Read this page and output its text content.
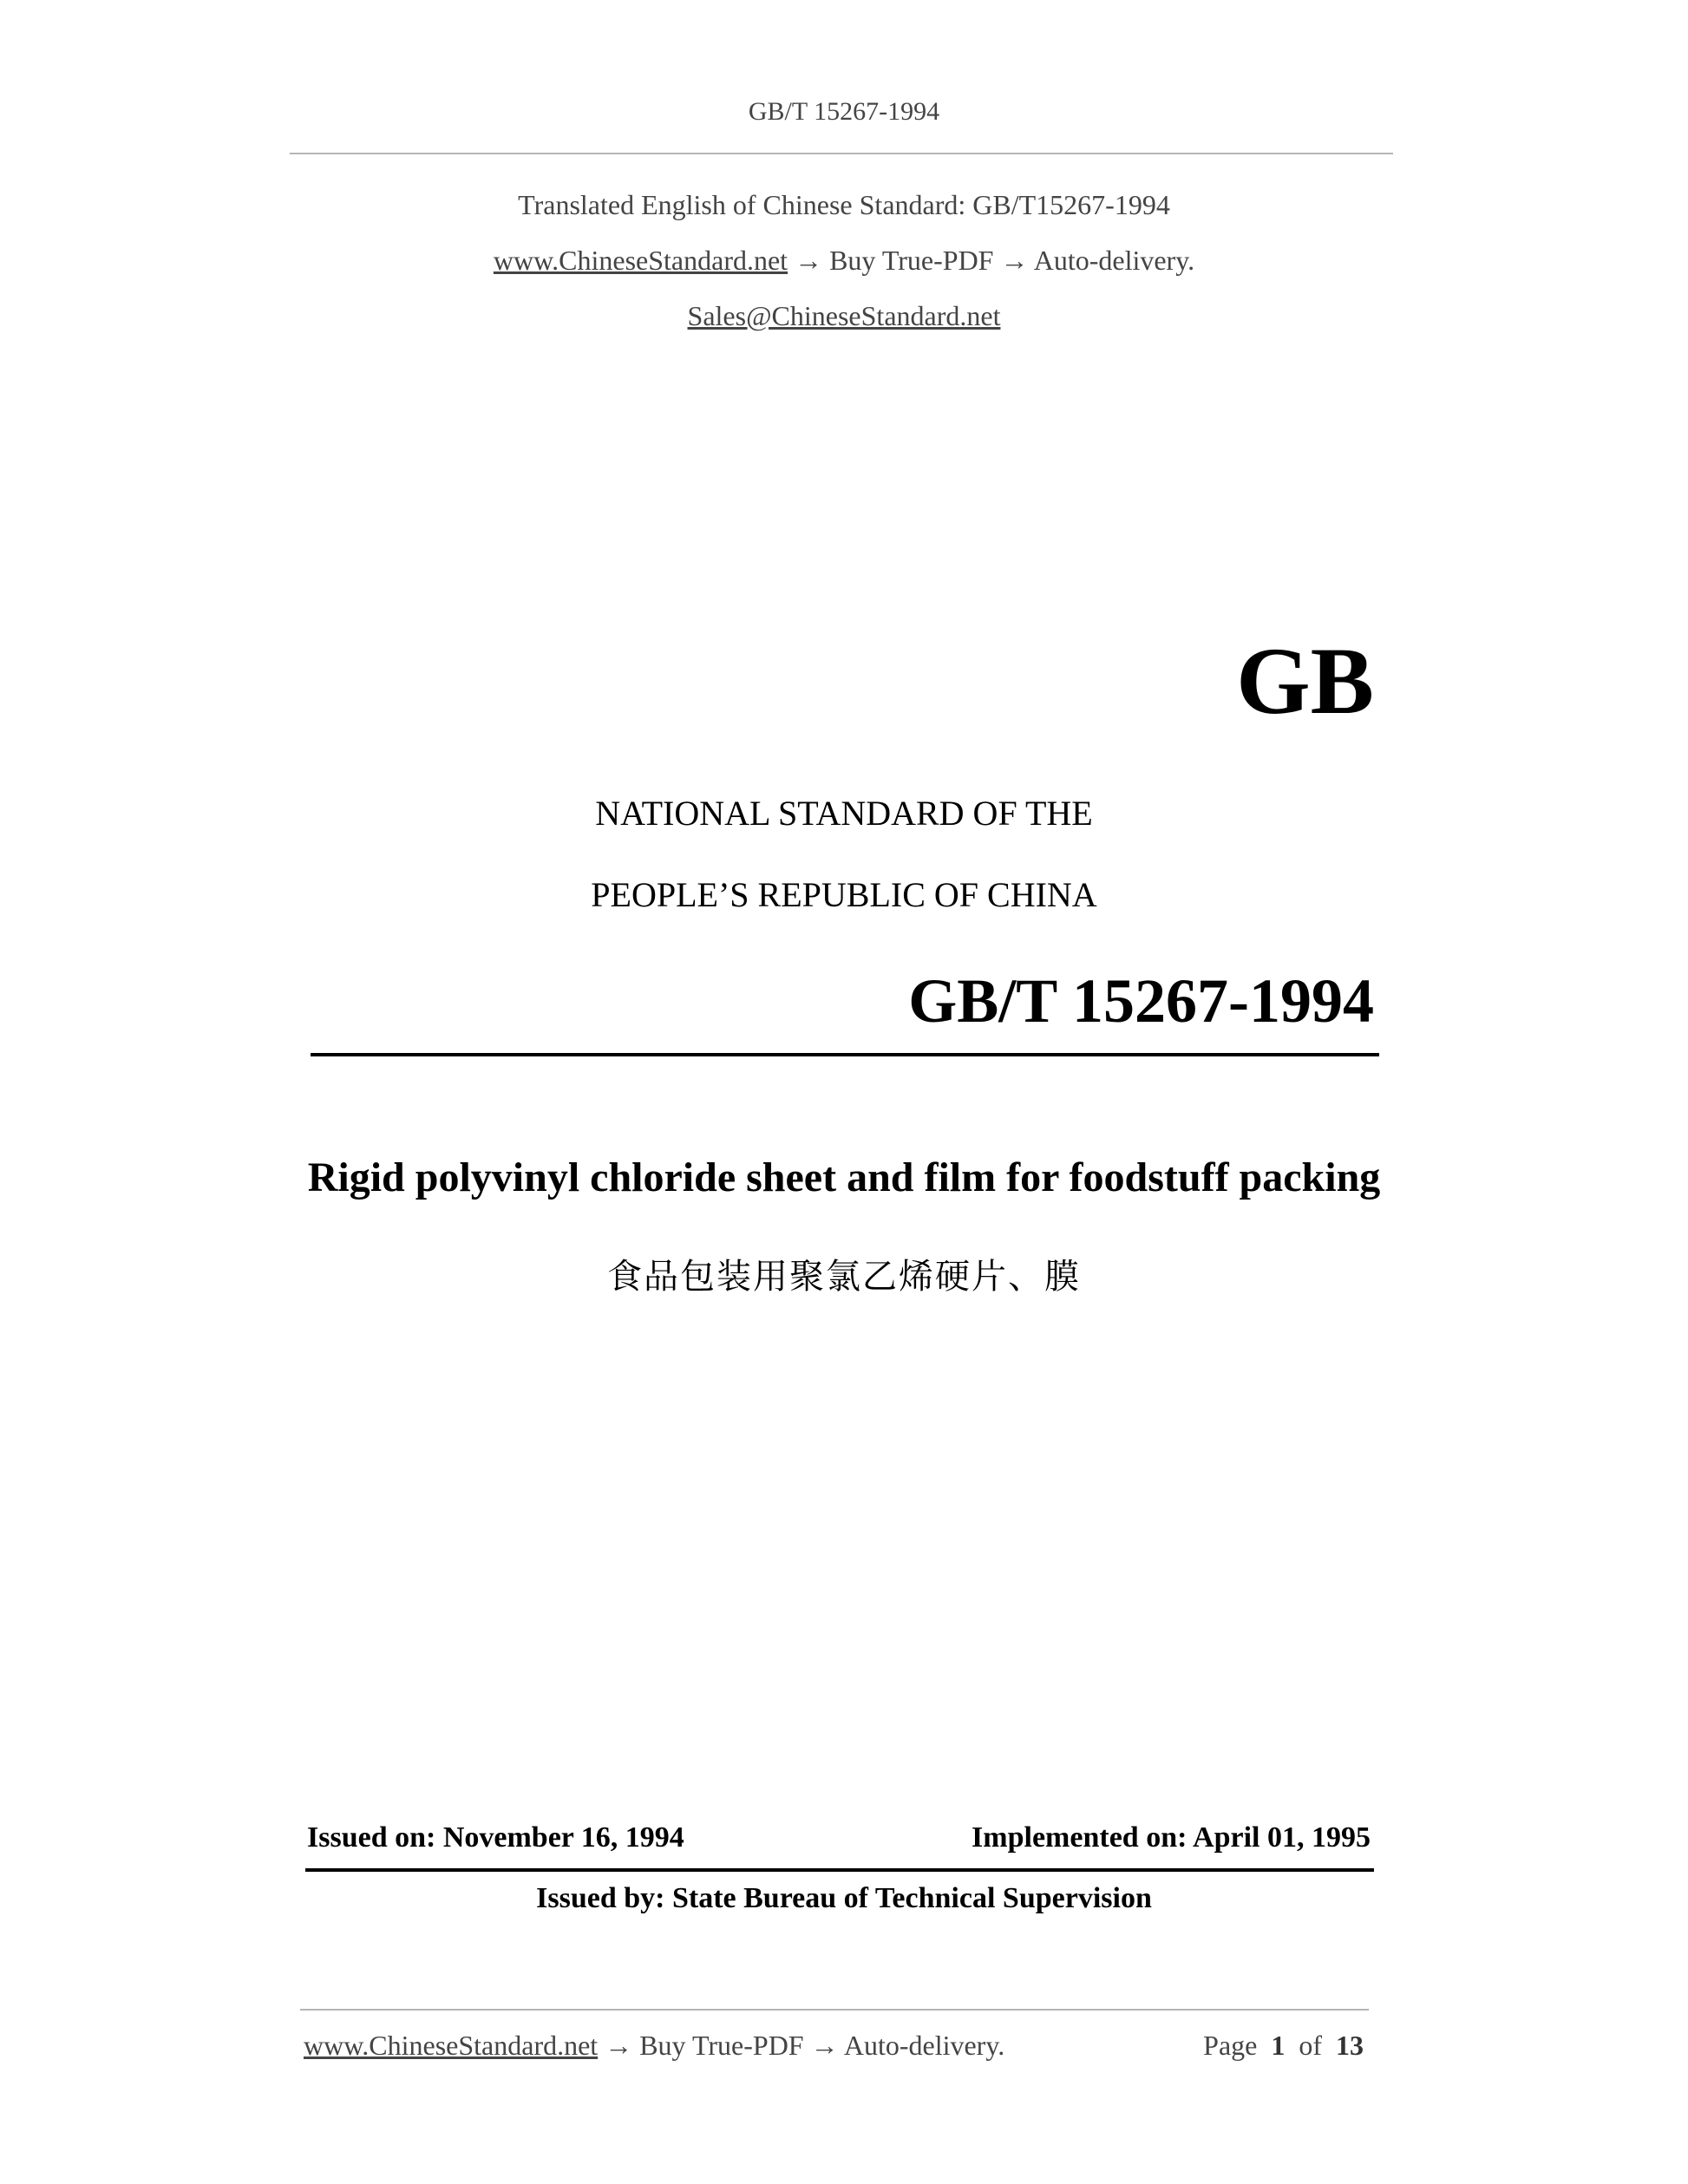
GB/T 15267-1994
Translated English of Chinese Standard: GB/T15267-1994
www.ChineseStandard.net → Buy True-PDF → Auto-delivery.
Sales@ChineseStandard.net
GB
NATIONAL STANDARD OF THE
PEOPLE’S REPUBLIC OF CHINA
GB/T 15267-1994
Rigid polyvinyl chloride sheet and film for foodstuff packing
食品包装用聚氯乙烯硬片、膜
Issued on: November 16, 1994	Implemented on: April 01, 1995
Issued by: State Bureau of Technical Supervision
www.ChineseStandard.net → Buy True-PDF → Auto-delivery.	Page 1 of 13
